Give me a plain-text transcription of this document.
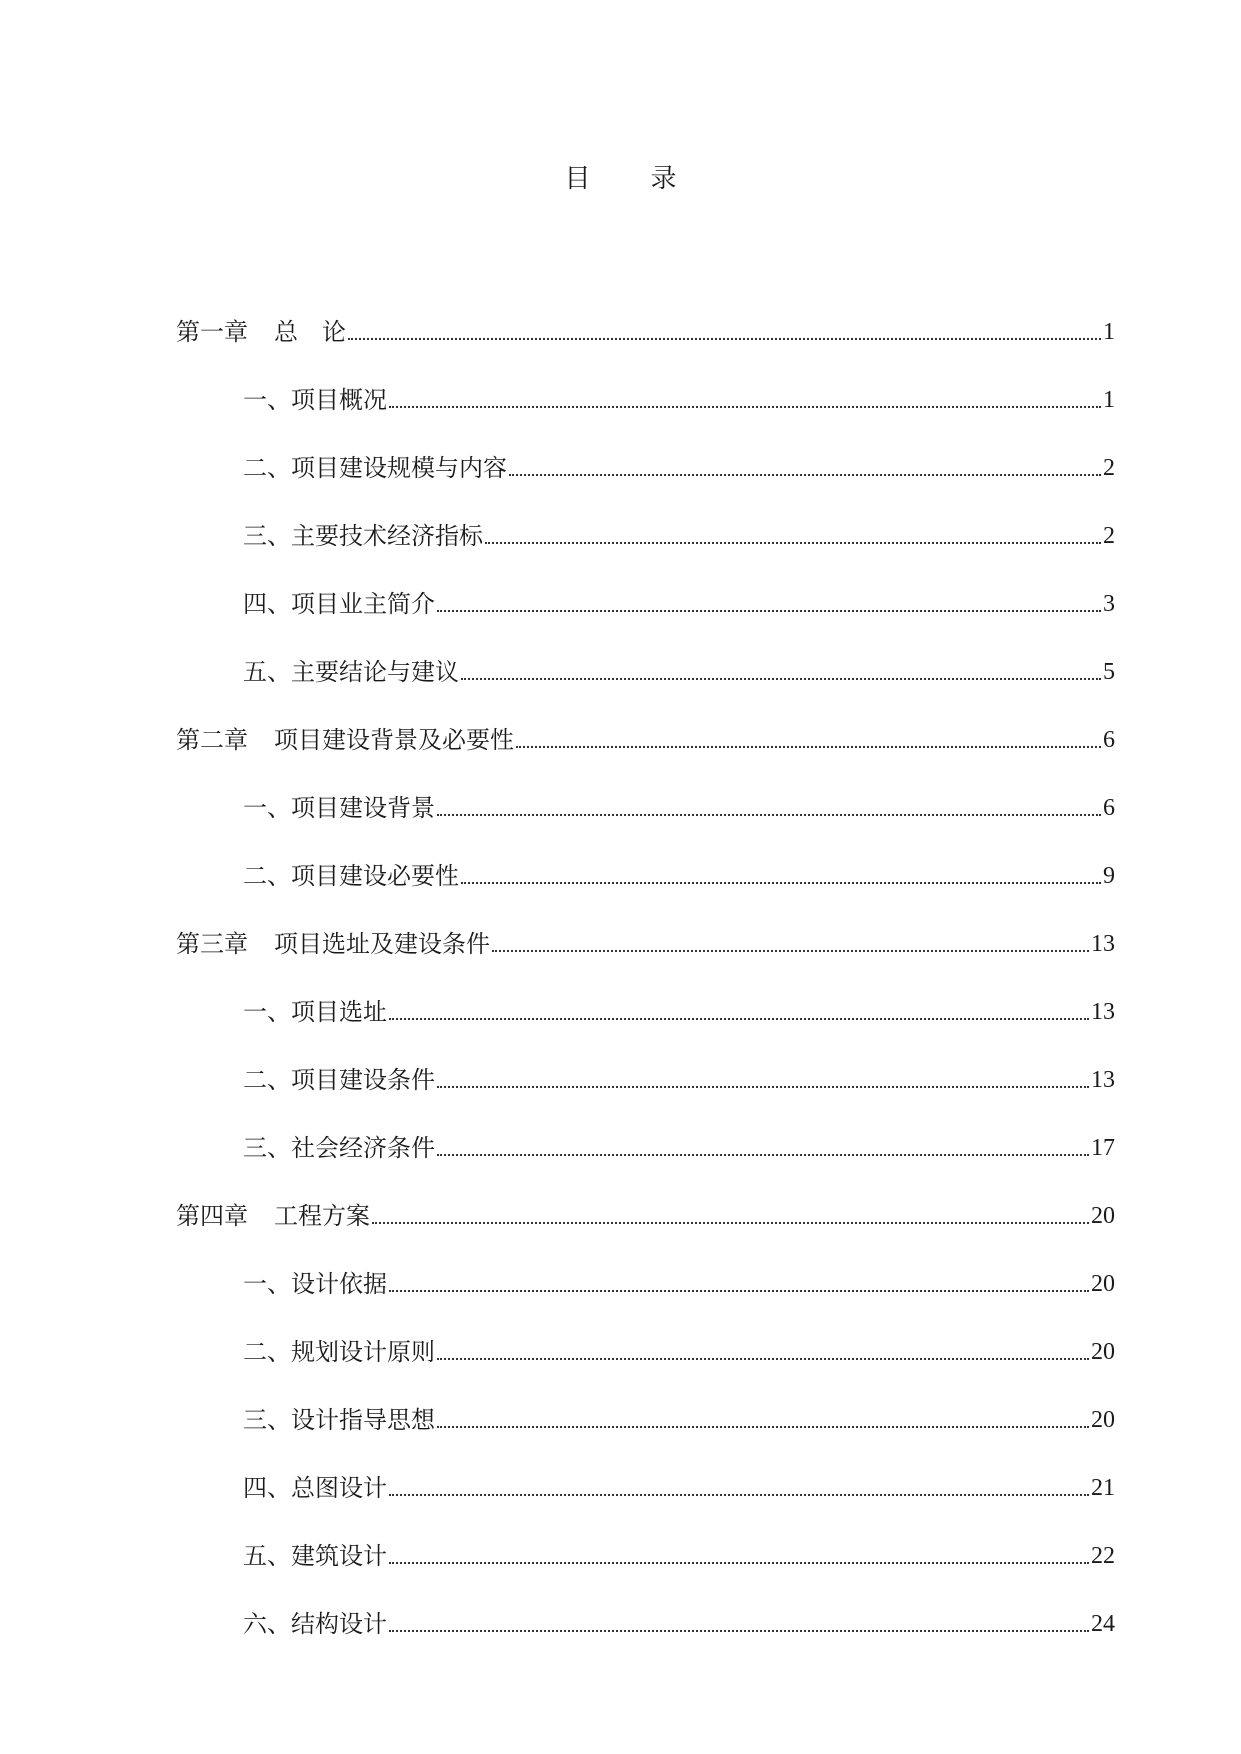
目 录
第一章	总　论	1
一、 项目概况	1
二、 项目建设规模与内容	2
三、 主要技术经济指标	2
四、 项目业主简介	3
五、 主要结论与建议	5
第二章	项目建设背景及必要性	6
一、 项目建设背景	6
二、 项目建设必要性	9
第三章	项目选址及建设条件	13
一、 项目选址	13
二、 项目建设条件	13
三、 社会经济条件	17
第四章	工程方案	20
一、 设计依据	20
二、 规划设计原则	20
三、 设计指导思想	20
四、 总图设计	21
五、 建筑设计	22
六、 结构设计	24
